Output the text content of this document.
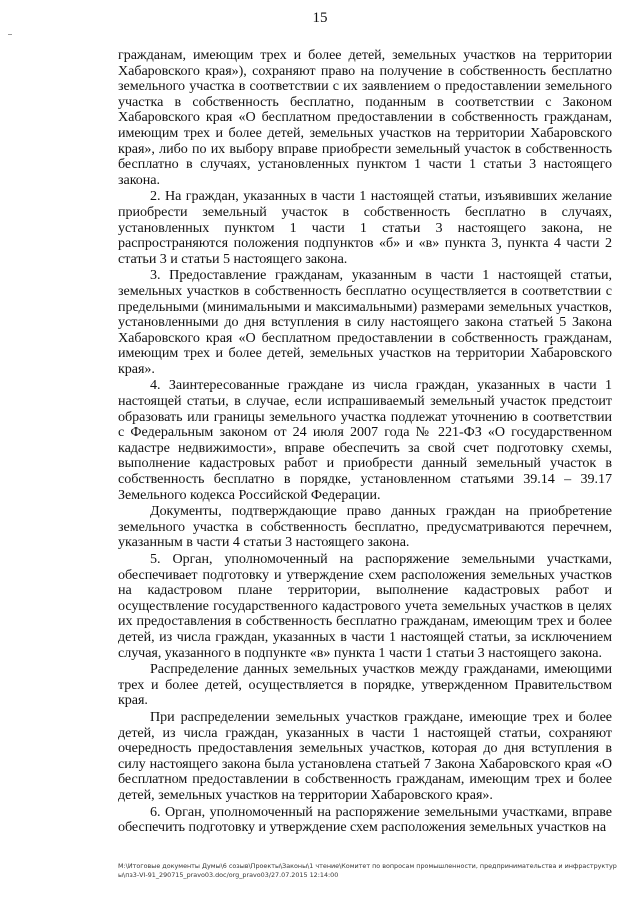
15

гражданам, имеющим трех и более детей, земельных участков на территории Хабаровского края»), сохраняют право на получение в собственность бесплатно земельного участка в соответствии с их заявлением о предоставлении земельного участка в собственность бесплатно, поданным в соответствии с Законом Хабаровского края «О бесплатном предоставлении в собственность гражданам, имеющим трех и более детей, земельных участков на территории Хабаровского края», либо по их выбору вправе приобрести земельный участок в собственность бесплатно в случаях, установленных пунктом 1 части 1 статьи 3 настоящего закона.

2. На граждан, указанных в части 1 настоящей статьи, изъявивших желание приобрести земельный участок в собственность бесплатно в случаях, установленных пунктом 1 части 1 статьи 3 настоящего закона, не распространяются положения подпунктов «б» и «в» пункта 3, пункта 4 части 2 статьи 3 и статьи 5 настоящего закона.

3. Предоставление гражданам, указанным в части 1 настоящей статьи, земельных участков в собственность бесплатно осуществляется в соответствии с предельными (минимальными и максимальными) размерами земельных участков, установленными до дня вступления в силу настоящего закона статьей 5 Закона Хабаровского края «О бесплатном предоставлении в собственность гражданам, имеющим трех и более детей, земельных участков на территории Хабаровского края».

4. Заинтересованные граждане из числа граждан, указанных в части 1 настоящей статьи, в случае, если испрашиваемый земельный участок предстоит образовать или границы земельного участка подлежат уточнению в соответствии с Федеральным законом от 24 июля 2007 года № 221-ФЗ «О государственном кадастре недвижимости», вправе обеспечить за свой счет подготовку схемы, выполнение кадастровых работ и приобрести данный земельный участок в собственность бесплатно в порядке, установленном статьями 39.14 – 39.17 Земельного кодекса Российской Федерации.

Документы, подтверждающие право данных граждан на приобретение земельного участка в собственность бесплатно, предусматриваются перечнем, указанным в части 4 статьи 3 настоящего закона.

5. Орган, уполномоченный на распоряжение земельными участками, обеспечивает подготовку и утверждение схем расположения земельных участков на кадастровом плане территории, выполнение кадастровых работ и осуществление государственного кадастрового учета земельных участков в целях их предоставления в собственность бесплатно гражданам, имеющим трех и более детей, из числа граждан, указанных в части 1 настоящей статьи, за исключением случая, указанного в подпункте «в» пункта 1 части 1 статьи 3 настоящего закона.

Распределение данных земельных участков между гражданами, имеющими трех и более детей, осуществляется в порядке, утвержденном Правительством края.

При распределении земельных участков граждане, имеющие трех и более детей, из числа граждан, указанных в части 1 настоящей статьи, сохраняют очередность предоставления земельных участков, которая до дня вступления в силу настоящего закона была установлена статьей 7 Закона Хабаровского края «О бесплатном предоставлении в собственность гражданам, имеющим трех и более детей, земельных участков на территории Хабаровского края».

6. Орган, уполномоченный на распоряжение земельными участками, вправе обеспечить подготовку и утверждение схем расположения земельных участков на

М:\Итоговые документы Думы\6 созыв\Проекты\Законы\1 чтение\Комитет по вопросам промышленности, предпринимательства и инфраструктуры\пз3-VI-91_290715_pravo03.doc/org_pravo03/27.07.2015 12:14:00
